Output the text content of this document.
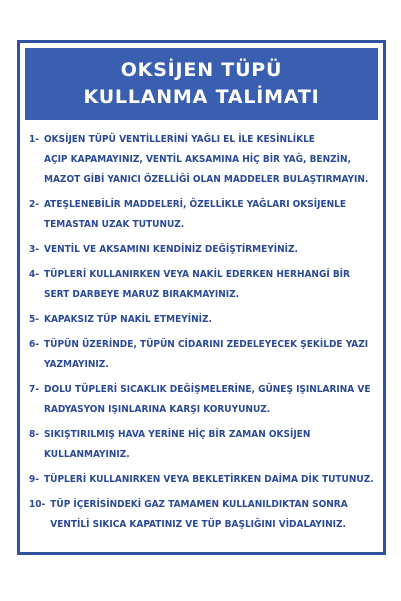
OKSİJEN TÜPÜ
KULLANMA TALİMATI
1- OKSİJEN TÜPÜ VENTİLLERİNİ YAĞLI EL İLE KESİNLİKLE
AÇIP KAPAMAYINIZ, VENTİL AKSAMINA HİÇ BİR YAĞ, BENZİN,
MAZOT GİBİ YANICI ÖZELLİĞİ OLAN MADDELER BULAŞTIRMAYIN.
2- ATEŞLENEBİLİR MADDELERİ, ÖZELLİKLE YAĞLARI OKSİJENLE
TEMASTAN UZAK TUTUNUZ.
3- VENTİL VE AKSAMINI KENDİNİZ DEĞİŞTİRMEYİNİZ.
4- TÜPLERİ KULLANIRKEN VEYA NAKİL EDERKEN HERHANGİ BİR
SERT DARBEYE MARUZ BIRAKMAYINIZ.
5- KAPAKSIZ TÜP NAKİL ETMEYİNİZ.
6- TÜPÜN ÜZERİNDE, TÜPÜN CİDARINI ZEDELEYECEK ŞEKİLDE YAZI
YAZMAYINIZ.
7- DOLU TÜPLERİ SICAKLIK DEĞİŞMELERİNE, GÜNEŞ IŞINLARINA VE
RADYASYON IŞINLARINA KARŞI KORUYUNUZ.
8- SIKIŞTIRILMIŞ HAVA YERİNE HİÇ BİR ZAMAN OKSİJEN
KULLANMAYINIZ.
9- TÜPLERİ KULLANIRKEN VEYA BEKLETİRKEN DAİMA DİK TUTUNUZ.
10- TÜP İÇERİSİNDEKİ GAZ TAMAMEN KULLANILDIKTAN SONRA
VENTİLİ SIKICA KAPATINIZ VE TÜP BAŞLIĞINI VİDALAYINIZ.
